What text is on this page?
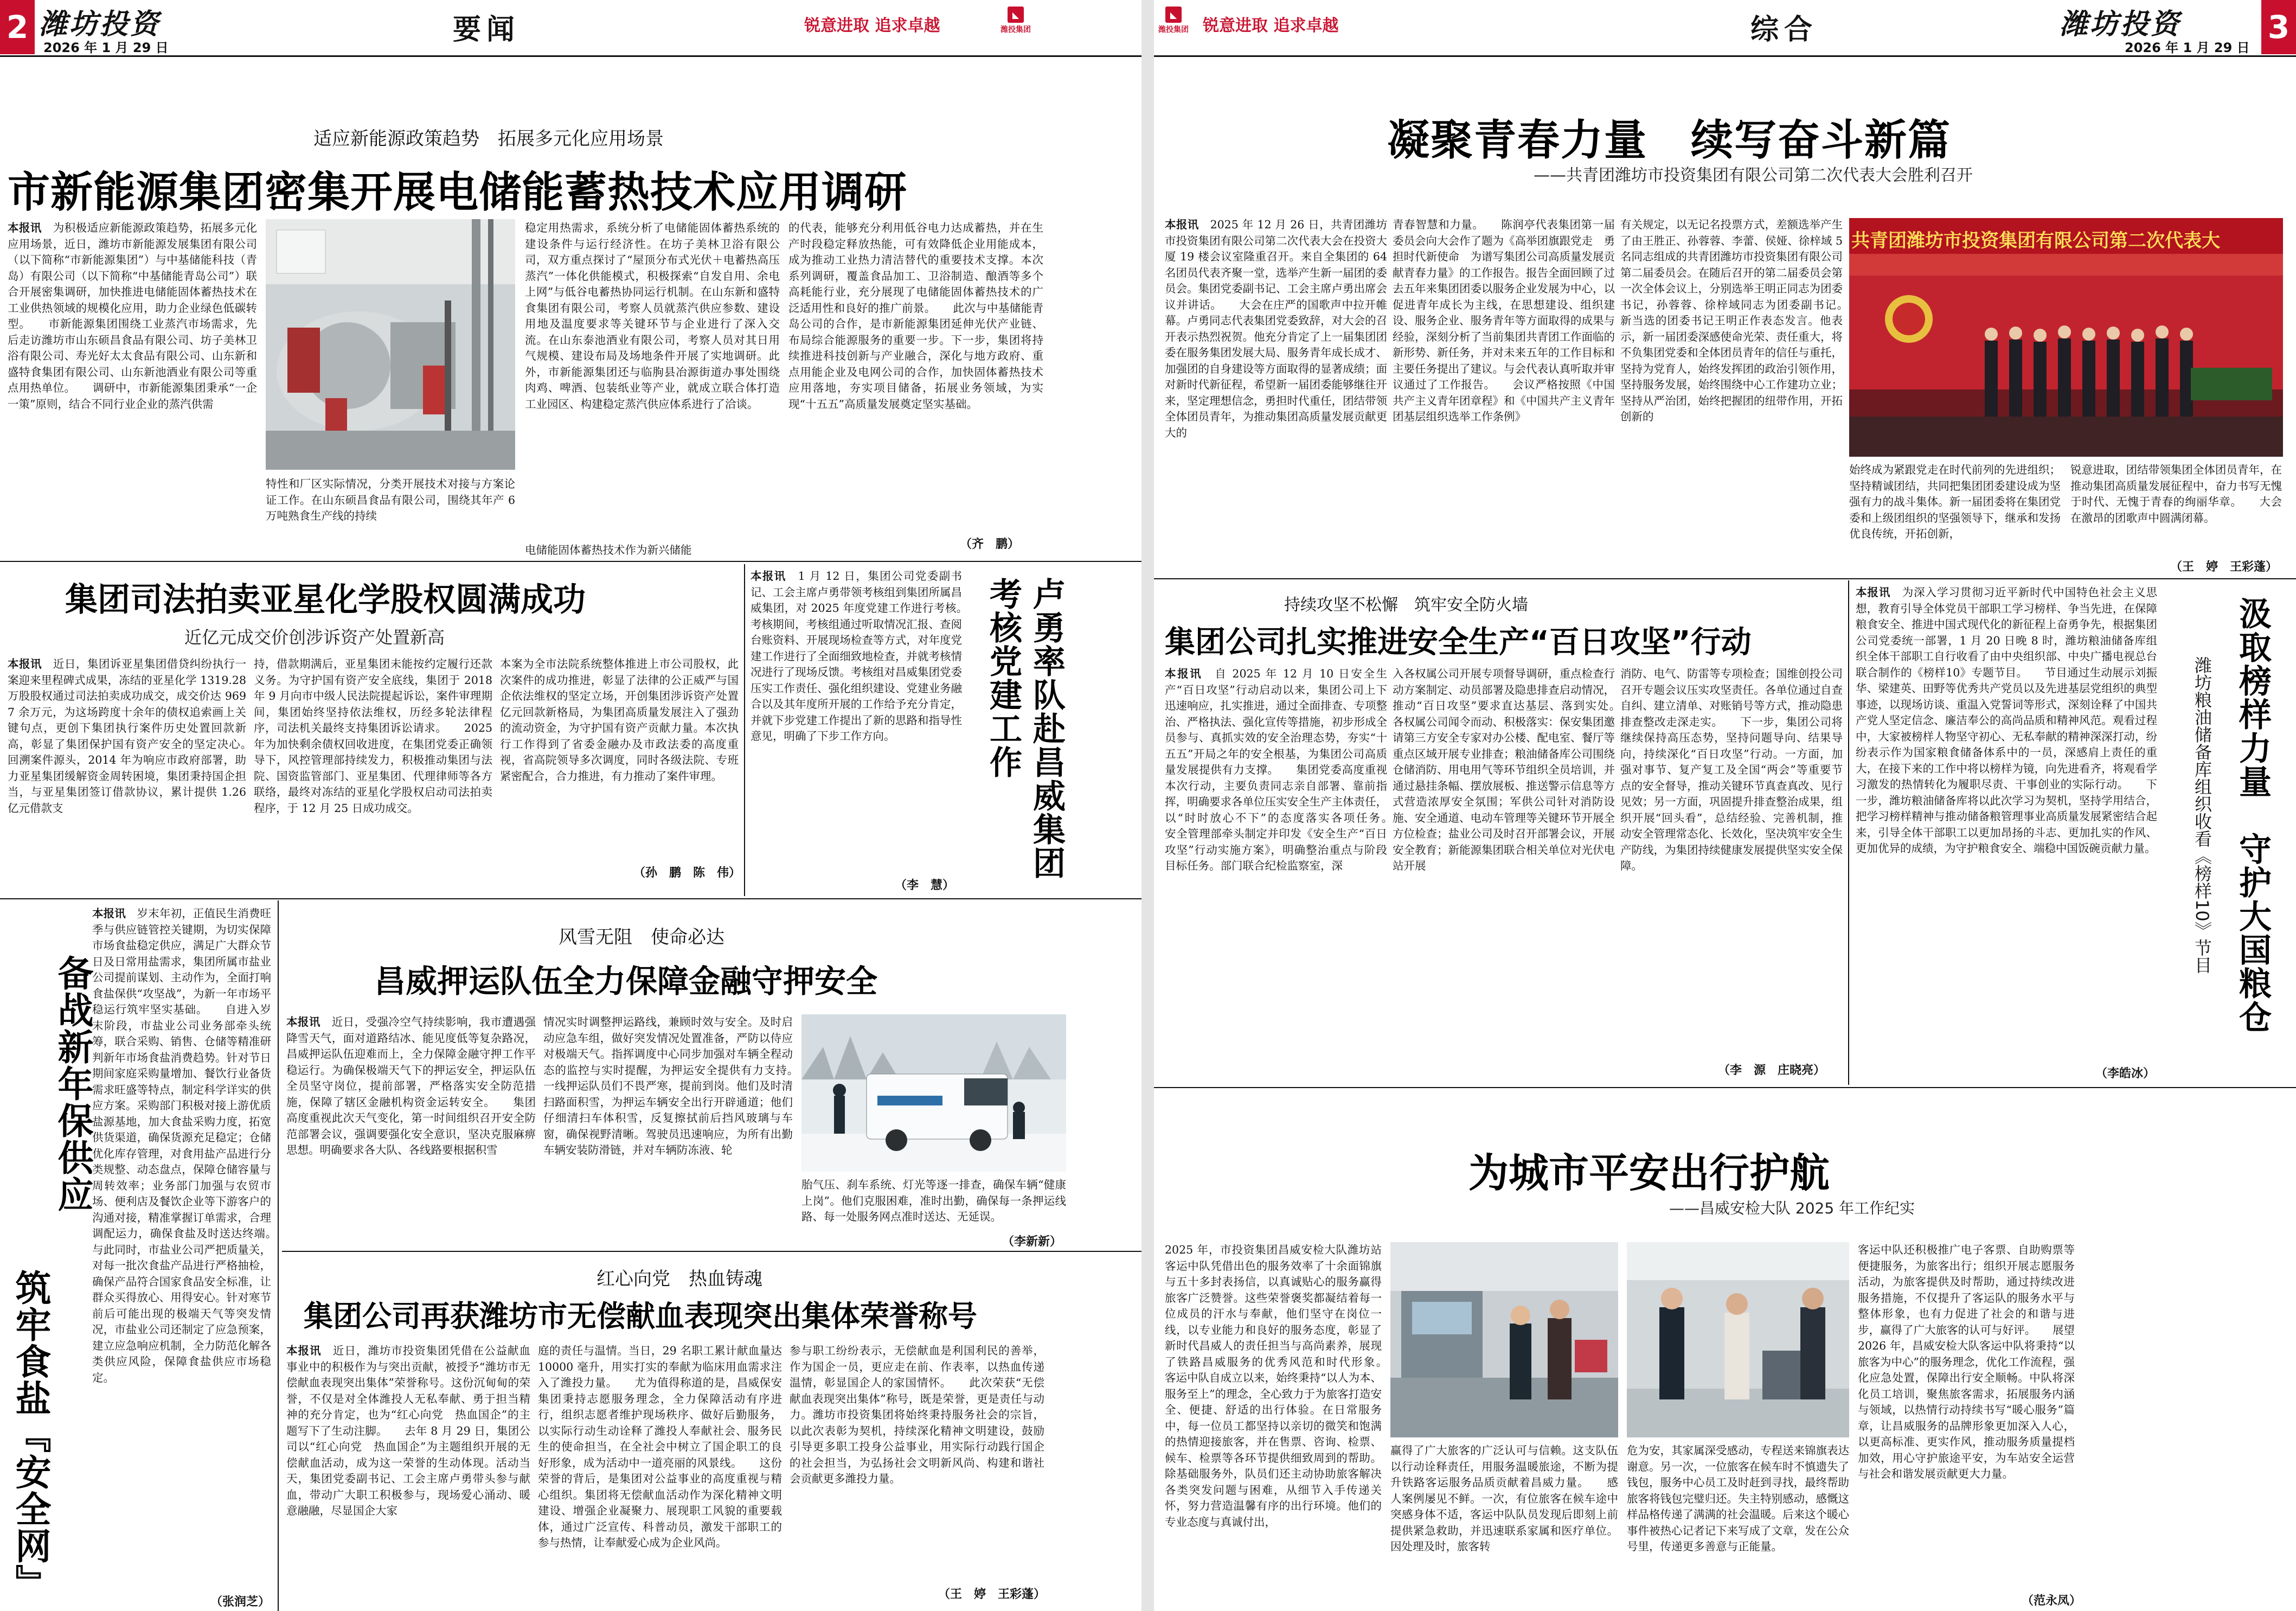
2 潍坊投资
2026 年 1 月 29 日
要闻	锐意进取 追求卓越
◣
潍投集团
适应新能源政策趋势　拓展多元化应用场景
市新能源集团密集开展电储能蓄热技术应用调研
本报讯　 为积极适应新能源政策趋势，拓展多元化应用场景，近日，潍坊市新能源发展集团有限公司（以下简称“市新能源集团”）与中基储能科技（青岛）有限公司（以下简称“中基储能青岛公司”）联合开展密集调研，加快推进电储能固体蓄热技术在工业供热领域的规模化应用，助力企业绿色低碳转型。　　市新能源集团围绕工业蒸汽市场需求，先后走访潍坊市山东硕昌食品有限公司、坊子美林卫浴有限公司、寿光好太太食品有限公司、山东新和盛特食集团有限公司、山东新池酒业有限公司等重点用热单位。　　调研中，市新能源集团秉承“一企一策”原则，结合不同行业企业的蒸汽供需
特性和厂区实际情况，分类开展技术对接与方案论证工作。在山东硕昌食品有限公司，围绕其年产 6 万吨熟食生产线的持续
稳定用热需求，系统分析了电储能固体蓄热系统的建设条件与运行经济性。在坊子美林卫浴有限公司，双方重点探讨了“屋顶分布式光伏＋电蓄热高压蒸汽”一体化供能模式，积极探索“自发自用、余电上网”与低谷电蓄热协同运行机制。在山东新和盛特食集团有限公司，考察人员就蒸汽供应参数、建设用地及温度要求等关键环节与企业进行了深入交流。在山东泰池酒业有限公司，考察人员对其日用气规模、建设布局及场地条件开展了实地调研。此外，市新能源集团还与临朐县冶源街道办事处围绕肉鸡、啤酒、包装纸业等产业，就成立联合体打造工业园区、构建稳定蒸汽供应体系进行了洽谈。
的代表，能够充分利用低谷电力达成蓄热，并在生产时段稳定释放热能，可有效降低企业用能成本，成为推动工业热力清洁替代的重要技术支撑。本次系列调研，覆盖食品加工、卫浴制造、酿酒等多个高耗能行业，充分展现了电储能固体蓄热技术的广泛适用性和良好的推广前景。　　此次与中基储能青岛公司的合作，是市新能源集团延伸光伏产业链、布局综合能源服务的重要一步。下一步，集团将持续推进科技创新与产业融合，深化与地方政府、重点用能企业及电网公司的合作，加快固体蓄热技术应用落地，夯实项目储备，拓展业务领域，为实现“十五五”高质量发展奠定坚实基础。
电储能固体蓄热技术作为新兴储能	（齐　鹏）
集团司法拍卖亚星化学股权圆满成功
近亿元成交价创涉诉资产处置新高
本报讯　 近日，集团诉亚星集团借贷纠纷执行一案迎来里程碑式成果，冻结的亚星化学 1319.28 万股股权通过司法拍卖成功成交，成交价达 9697 余万元，为这场跨度十余年的债权追索画上关键句点，更创下集团执行案件历史处置回款新高，彰显了集团保护国有资产安全的坚定决心。　　回溯案件源头，2014 年为响应市政府部署，助力亚星集团缓解资金周转困境，集团秉持国企担当，与亚星集团签订借款协议，累计提供 1.26 亿元借款支
持，借款期满后，亚星集团未能按约定履行还款义务。为守护国有资产安全底线，集团于 2018 年 9 月向市中级人民法院提起诉讼，案件审理期间，集团始终坚持依法维权，历经多轮法律程序，司法机关最终支持集团诉讼请求。　　2025 年为加快剩余债权回收进度，在集团党委正确领导下，风控管理部持续发力，积极推动集团与法院、国资监管部门、亚星集团、代理律师等各方联络，最终对冻结的亚星化学股权启动司法拍卖程序，于 12 月 25 日成功成交。
本案为全市法院系统整体推进上市公司股权，此次案件的成功推进，彰显了法律的公正威严与国企依法维权的坚定立场，开创集团涉诉资产处置亿元回款新格局，为集团高质量发展注入了强劲的流动资金，为守护国有资产贡献力量。本次执行工作得到了省委金融办及市政法委的高度重视，省高院领导多次调度，同时各级法院、专班紧密配合，合力推进，有力推动了案件审理。
（孙　鹏　陈　伟）
本报讯　 1 月 12 日，集团公司党委副书记、工会主席卢勇带领考核组到集团所属昌威集团，对 2025 年度党建工作进行考核。　　考核期间，考核组通过听取情况汇报、查阅台账资料、开展现场检查等方式，对年度党建工作进行了全面细致地检查，并就考核情况进行了现场反馈。考核组对昌威集团党委压实工作责任、强化组织建设、党建业务融合以及其年度所开展的工作给予充分肯定，并就下步党建工作提出了新的思路和指导性意见，明确了下步工作方向。
（李　慧）
卢勇率队赴昌威集团考核党建工作
备战新年保供应
筑牢食盐『安全网』
本报讯　 岁末年初，正值民生消费旺季与供应链管控关键期，为切实保障市场食盐稳定供应，满足广大群众节日及日常用盐需求，集团所属市盐业公司提前谋划、主动作为，全面打响食盐保供“攻坚战”，为新一年市场平稳运行筑牢坚实基础。　　自进入岁末阶段，市盐业公司业务部牵头统筹，联合采购、销售、仓储等精准研判新年市场食盐消费趋势。针对节日期间家庭采购量增加、餐饮行业备货需求旺盛等特点，制定科学详实的供应方案。采购部门积极对接上游优质盐源基地，加大食盐采购力度，拓宽供货渠道，确保货源充足稳定；仓储优化库存管理，对食用盐产品进行分类规整、动态盘点，保障仓储容量与周转效率；业务部门加强与农贸市场、便利店及餐饮企业等下游客户的沟通对接，精准掌握订单需求，合理调配运力，确保食盐及时送达终端。　　与此同时，市盐业公司严把质量关，对每一批次食盐产品进行严格抽检，确保产品符合国家食品安全标准，让群众买得放心、用得安心。针对寒节前后可能出现的极端天气等突发情况，市盐业公司还制定了应急预案，建立应急响应机制，全力防范化解各类供应风险，保障食盐供应市场稳定。
（张润芝）
风雪无阻　使命必达
昌威押运队伍全力保障金融守押安全
本报讯　 近日，受强冷空气持续影响，我市遭遇强降雪天气，面对道路结冰、能见度低等复杂路况，昌威押运队伍迎难而上，全力保障金融守押工作平稳运行。为确保极端天气下的押运安全，押运队伍全员坚守岗位，提前部署，严格落实安全防范措施，保障了辖区金融机构资金运转安全。　　集团高度重视此次天气变化，第一时间组织召开安全防范部署会议，强调要强化安全意识，坚决克服麻痹思想。明确要求各大队、各线路要根据积雪
情况实时调整押运路线，兼顾时效与安全。及时启动应急车组，做好突发情况处置准备，严防以侍应对极端天气。指挥调度中心同步加强对车辆全程动态的监控与实时提醒，为押运安全提供有力支持。　　一线押运队员们不畏严寒，提前到岗。他们及时清扫路面积雪，为押运车辆安全出行开辟通道；他们仔细清扫车体积雪，反复擦拭前后挡风玻璃与车窗，确保视野清晰。驾驶员迅速响应，为所有出勤车辆安装防滑链，并对车辆防冻液、轮
胎气压、刹车系统、灯光等逐一排查，确保车辆“健康上岗”。他们克服困难，准时出勤，确保每一条押运线路、每一处服务网点准时送达、无延误。
（李新新）
红心向党　热血铸魂
集团公司再获潍坊市无偿献血表现突出集体荣誉称号
本报讯　 近日，潍坊市投资集团凭借在公益献血事业中的积极作为与突出贡献，被授予“潍坊市无偿献血表现突出集体”荣誉称号。这份沉甸甸的荣誉，不仅是对全体潍投人无私奉献、勇于担当精神的充分肯定，也为“红心向党　热血国企”的主题写下了生动注脚。　　去年 8 月 29 日，集团公司以“红心向党　热血国企”为主题组织开展的无偿献血活动，成为这一荣誉的生动体现。活动当天，集团党委副书记、工会主席卢勇带头参与献血，带动广大职工积极参与，现场爱心涌动、暖意融融，尽显国企大家
庭的责任与温情。当日，29 名职工累计献血量达 10000 毫升，用实打实的奉献为临床用血需求注入了潍投力量。　　尤为值得称道的是，昌威保安集团秉持志愿服务理念，全力保障活动有序进行，组织志愿者维护现场秩序、做好后勤服务，以实际行动生动诠释了潍投人奉献社会、服务民生的使命担当，在全社会中树立了国企职工的良好形象，成为活动中一道亮丽的风景线。　　这份荣誉的背后，是集团对公益事业的高度重视与精心组织。集团将无偿献血活动作为深化精神文明建设、增强企业凝聚力、展现职工风貌的重要载体，通过广泛宣传、科普动员，激发干部职工的参与热情，让奉献爱心成为企业风尚。
参与职工纷纷表示，无偿献血是利国利民的善举，作为国企一员，更应走在前、作表率，以热血传递温情，彰显国企人的家国情怀。　　此次荣获“无偿献血表现突出集体”称号，既是荣誉，更是责任与动力。潍坊市投资集团将始终秉持服务社会的宗旨，以此次表彰为契机，持续深化精神文明建设，鼓励引导更多职工投身公益事业，用实际行动践行国企的社会担当，为弘扬社会文明新风尚、构建和谐社会贡献更多潍投力量。
（王　婷　王彩蓬）
◣
潍投集团 锐意进取 追求卓越	综合	潍坊投资
2026 年 1 月 29 日
3
凝聚青春力量　续写奋斗新篇
——共青团潍坊市投资集团有限公司第二次代表大会胜利召开
本报讯　 2025 年 12 月 26 日，共青团潍坊市投资集团有限公司第二次代表大会在投资大厦 19 楼会议室隆重召开。来自全集团的 64 名团员代表齐聚一堂，选举产生新一届团的委员会。集团党委副书记、工会主席卢勇出席会议并讲话。　　大会在庄严的国歌声中拉开帷幕。卢勇同志代表集团党委致辞，对大会的召开表示热烈祝贺。他充分肯定了上一届集团团委在服务集团发展大局、服务青年成长成才、加强团的自身建设等方面取得的显著成绩；面对新时代新征程，希望新一届团委能够继往开来，坚定理想信念，勇担时代重任，团结带领全体团员青年，为推动集团高质量发展贡献更大的
青春智慧和力量。　　陈润亭代表集团第一届委员会向大会作了题为《高举团旗跟党走　勇担时代新使命　为谱写集团公司高质量发展贡献青春力量》的工作报告。报告全面回顾了过去五年来集团团委以服务企业发展为中心，以促进青年成长为主线，在思想建设、组织建设、服务企业、服务青年等方面取得的成果与经验，深刻分析了当前集团共青团工作面临的新形势、新任务，并对未来五年的工作目标和主要任务提出了建议。与会代表认真听取并审议通过了工作报告。　　会议严格按照《中国共产主义青年团章程》和《中国共产主义青年团基层组织选举工作条例》
有关规定，以无记名投票方式，差额选举产生了由王胜正、孙蓉蓉、李蕾、侯娅、徐梓域 5 名同志组成的共青团潍坊市投资集团有限公司第二届委员会。在随后召开的第二届委员会第一次全体会议上，分别选举王明正同志为团委书记，孙蓉蓉、徐梓域同志为团委副书记。　　新当选的团委书记王明正作表态发言。他表示，新一届团委深感使命光荣、责任重大，将不负集团党委和全体团员青年的信任与重托，坚持为党育人，始终发挥团的政治引领作用，坚持服务发展，始终围绕中心工作建功立业；坚持从严治团，始终把握团的纽带作用，开拓创新的
共青团潍坊市投资集团有限公司第二次代表大
始终成为紧跟党走在时代前列的先进组织；坚持精诚团结，共同把集团团委建设成为坚强有力的战斗集体。新一届团委将在集团党委和上级团组织的坚强领导下，继承和发扬优良传统，开拓创新，
锐意进取，团结带领集团全体团员青年，在推动集团高质量发展征程中，奋力书写无愧于时代、无愧于青春的绚丽华章。　　大会在激昂的团歌声中圆满闭幕。
（王　婷　王彩蓬）
持续攻坚不松懈　筑牢安全防火墙
集团公司扎实推进安全生产“百日攻坚”行动
本报讯　 自 2025 年 12 月 10 日安全生产“百日攻坚”行动启动以来，集团公司上下迅速响应，扎实推进，通过全面排查、专项整治、严格执法、强化宣传等措施，初步形成全员参与、真抓实效的安全治理态势，夯实“十五五”开局之年的安全根基，为集团公司高质量发展提供有力支撑。　　集团党委高度重视本次行动，主要负责同志亲自部署、靠前指挥，明确要求各单位压实安全生产主体责任，以“时时放心不下”的态度落实各项任务。　　安全管理部牵头制定并印发《安全生产“百日攻坚”行动实施方案》，明确整治重点与阶段目标任务。部门联合纪检监察室，深
入各权属公司开展专项督导调研，重点检查行动方案制定、动员部署及隐患排查启动情况，推动“百日攻坚”要求直达基层、落到实处。　　各权属公司闻令而动、积极落实：保安集团邀请第三方安全专家对办公楼、配电室、餐厅等重点区域开展专业排查；粮油储备库公司围绕仓储消防、用电用气等环节组织全员培训，并通过悬挂条幅、摆放展板、推送警示信息等方式营造浓厚安全氛围；军供公司针对消防设施、安全通道、电动车管理等关键环节开展全方位检查；盐业公司及时召开部署会议，开展安全教育；新能源集团联合相关单位对光伏电站开展
消防、电气、防雷等专项检查；国维创投公司召开专题会议压实攻坚责任。各单位通过自查自纠、建立清单、对账销号等方式，推动隐患排查整改走深走实。　　下一步，集团公司将继续保持高压态势，坚持问题导向、结果导向，持续深化“百日攻坚”行动。一方面，加强对事节、复产复工及全国“两会”等重要节点的安全督导，推动关键环节真查真改、见行见效；另一方面，巩固提升排查整治成果，组织开展“回头看”，总结经验、完善机制，推动安全管理常态化、长效化，坚决筑牢安全生产防线，为集团持续健康发展提供坚实安全保障。
（李　源　庄晓亮）
本报讯　 为深入学习贯彻习近平新时代中国特色社会主义思想，教育引导全体党员干部职工学习榜样、争当先进，在保障粮食安全、推进中国式现代化的新征程上奋勇争先，根据集团公司党委统一部署，1 月 20 日晚 8 时，潍坊粮油储备库组织全体干部职工自行收看了由中央组织部、中央广播电视总台联合制作的《榜样10》专题节目。　　节目通过生动展示刘振华、梁建英、田野等优秀共产党员以及先进基层党组织的典型事迹，以现场访谈、重温入党誓词等形式，深刻诠释了中国共产党人坚定信念、廉洁奉公的高尚品质和精神风范。观看过程中，大家被榜样人物坚守初心、无私奉献的精神深深打动，纷纷表示作为国家粮食储备体系中的一员，深感肩上责任的重大，在接下来的工作中将以榜样为镜，向先进看齐，将观看学习激发的热情转化为履职尽责、干事创业的实际行动。　　下一步，潍坊粮油储备库将以此次学习为契机，坚持学用结合，把学习榜样精神与推动储备粮管理事业高质量发展紧密结合起来，引导全体干部职工以更加昂扬的斗志、更加扎实的作风、更加优异的成绩，为守护粮食安全、端稳中国饭碗贡献力量。
（李皓冰）
汲取榜样力量　守护大国粮仓
潍坊粮油储备库组织收看《榜样10》节目
为城市平安出行护航
——昌威安检大队 2025 年工作纪实
2025 年，市投资集团昌威安检大队潍坊站客运中队凭借出色的服务效率了十余面锦旗与五十多封表扬信，以真诚贴心的服务赢得旅客广泛赞誉。这些荣誉褒奖都凝结着每一位成员的汗水与奉献，他们坚守在岗位一线，以专业能力和良好的服务态度，彰显了新时代昌威人的责任担当与高尚素养，展现了铁路昌威服务的优秀风范和时代形象。　　客运中队自成立以来，始终秉持“以人为本、服务至上”的理念，全心致力于为旅客打造安全、便捷、舒适的出行体验。在日常服务中，每一位员工都坚持以亲切的微笑和饱满的热情迎接旅客，并在售票、咨询、检票、候车、检票等各环节提供细致周到的帮助。除基础服务外，队员们还主动协助旅客解决各类突发问题与困难，从细节入手传递关怀，努力营造温馨有序的出行环境。他们的专业态度与真诚付出，
赢得了广大旅客的广泛认可与信赖。这支队伍以行动诠释责任，用服务温暖旅途，不断为提升铁路客运服务品质贡献着昌威力量。　　感人案例屡见不鲜。一次，有位旅客在候车途中突感身体不适，客运中队队员发现后即刻上前提供紧急救助，并迅速联系家属和医疗单位。因处理及时，旅客转
危为安，其家属深受感动，专程送来锦旗表达谢意。另一次，一位旅客在候车时不慎遗失了钱包，服务中心员工及时赶到寻找，最终帮助旅客将钱包完璧归还。失主特别感动，感慨这样品格传递了满满的社会温暖。后来这个暖心事件被热心记者记下来写成了文章，发在公众号里，传递更多善意与正能量。
客运中队还积极推广电子客票、自助购票等便捷服务，为旅客出行；组织开展志愿服务活动，为旅客提供及时帮助，通过持续改进服务措施，不仅提升了客运队的服务水平与整体形象，也有力促进了社会的和谐与进步，赢得了广大旅客的认可与好评。　　展望 2026 年，昌威安检大队客运中队将秉持“以旅客为中心”的服务理念，优化工作流程，强化应急处置，保障出行安全顺畅。中队将深化员工培训，聚焦旅客需求，拓展服务内涵与领域，以热情行动持续书写“暖心服务”篇章，让昌威服务的品牌形象更加深入人心，以更高标准、更实作风，推动服务质量提档加效，用心守护旅途平安，为车站安全运营与社会和谐发展贡献更大力量。
（范永凤）
